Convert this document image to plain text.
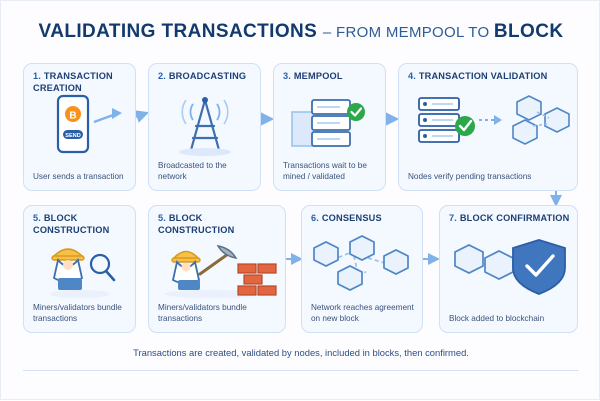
VALIDATING TRANSACTIONS – FROM MEMPOOL TO BLOCK
1. TRANSACTION CREATION
B
SEND
User sends a transaction
2. BROADCASTING
Broadcasted to the network
3. MEMPOOL
Transactions wait to be mined / validated
4. TRANSACTION VALIDATION
Nodes verify pending transactions
5. BLOCK CONSTRUCTION
Miners/validators bundle transactions
5. BLOCK CONSTRUCTION
Miners/validators bundle transactions
6. CONSENSUS
Network reaches agreement on new block
7. BLOCK CONFIRMATION
Block added to blockchain
Transactions are created, validated by nodes, included in blocks, then confirmed.
